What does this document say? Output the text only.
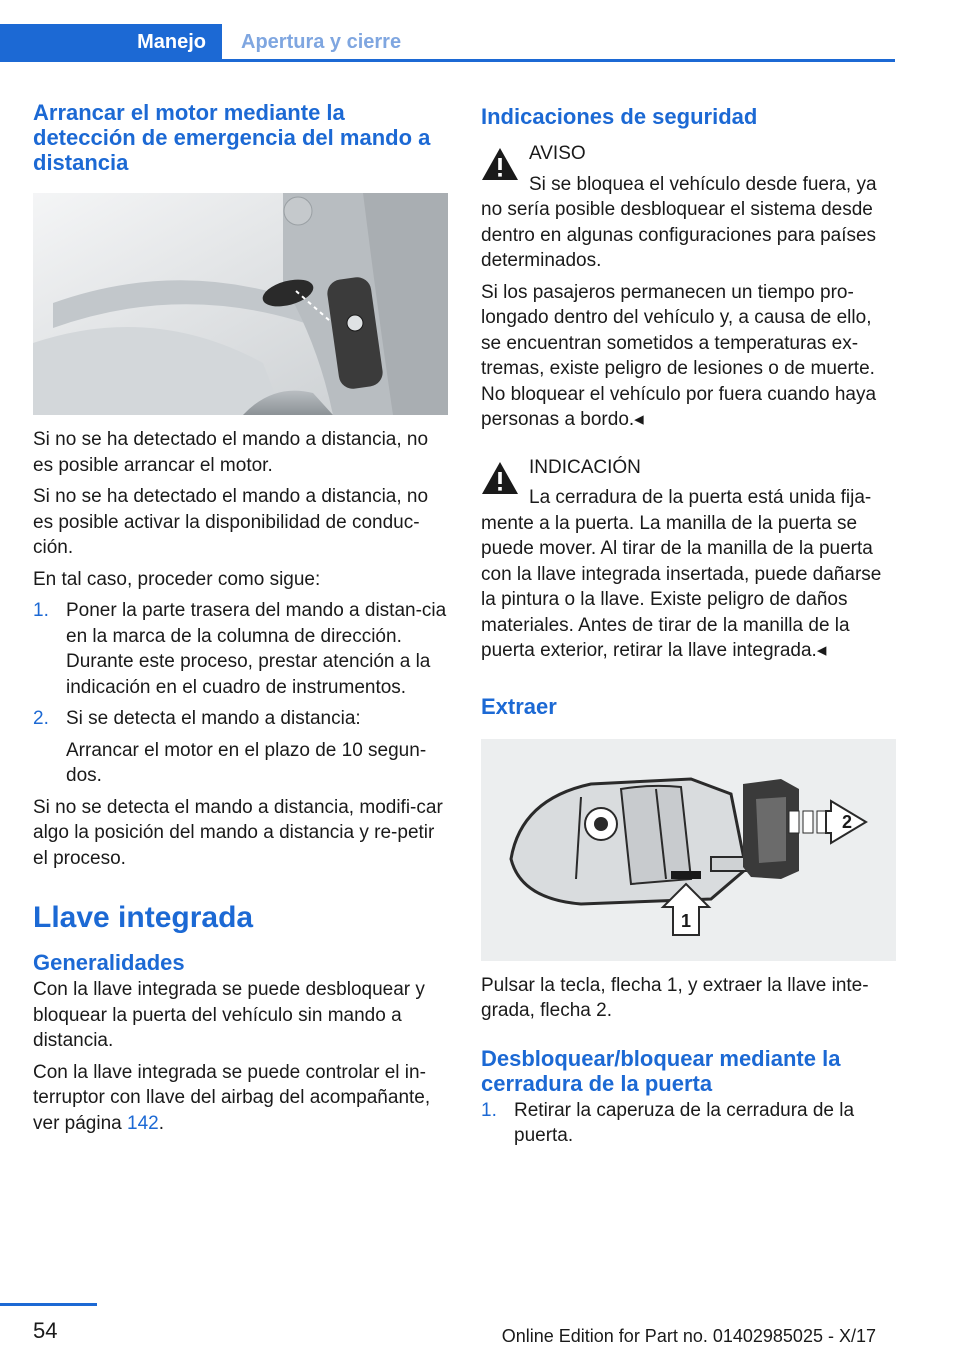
Manejo	Apertura y cierre
Arrancar el motor mediante la detección de emergencia del mando a distancia

Si no se ha detectado el mando a distancia, no es posible arrancar el motor.

Si no se ha detectado el mando a distancia, no es posible activar la disponibilidad de conduc-ción.

En tal caso, proceder como sigue:

1. Poner la parte trasera del mando a distan-cia en la marca de la columna de dirección. Durante este proceso, prestar atención a la indicación en el cuadro de instrumentos.
2. Si se detecta el mando a distancia:
Arrancar el motor en el plazo de 10 segun-dos.

Si no se detecta el mando a distancia, modifi-car algo la posición del mando a distancia y re-petir el proceso.

Llave integrada
Generalidades

Con la llave integrada se puede desbloquear y bloquear la puerta del vehículo sin mando a distancia.

Con la llave integrada se puede controlar el in-terruptor con llave del airbag del acompañante, ver página 142.

Indicaciones de seguridad
AVISO
Si se bloquea el vehículo desde fuera, ya no sería posible desbloquear el sistema desde dentro en algunas configuraciones para países determinados.

Si los pasajeros permanecen un tiempo pro-longado dentro del vehículo y, a causa de ello, se encuentran sometidos a temperaturas ex-tremas, existe peligro de lesiones o de muerte. No bloquear el vehículo por fuera cuando haya personas a bordo.◂

INDICACIÓN
La cerradura de la puerta está unida fija-mente a la puerta. La manilla de la puerta se puede mover. Al tirar de la manilla de la puerta con la llave integrada insertada, puede dañarse la pintura o la llave. Existe peligro de daños materiales. Antes de tirar de la manilla de la puerta exterior, retirar la llave integrada.◂
Extraer
1
2

Pulsar la tecla, flecha 1, y extraer la llave inte-grada, flecha 2.

Desbloquear/bloquear mediante la cerradura de la puerta
1. Retirar la caperuza de la cerradura de la puerta.
54	Online Edition for Part no. 01402985025 - X/17
